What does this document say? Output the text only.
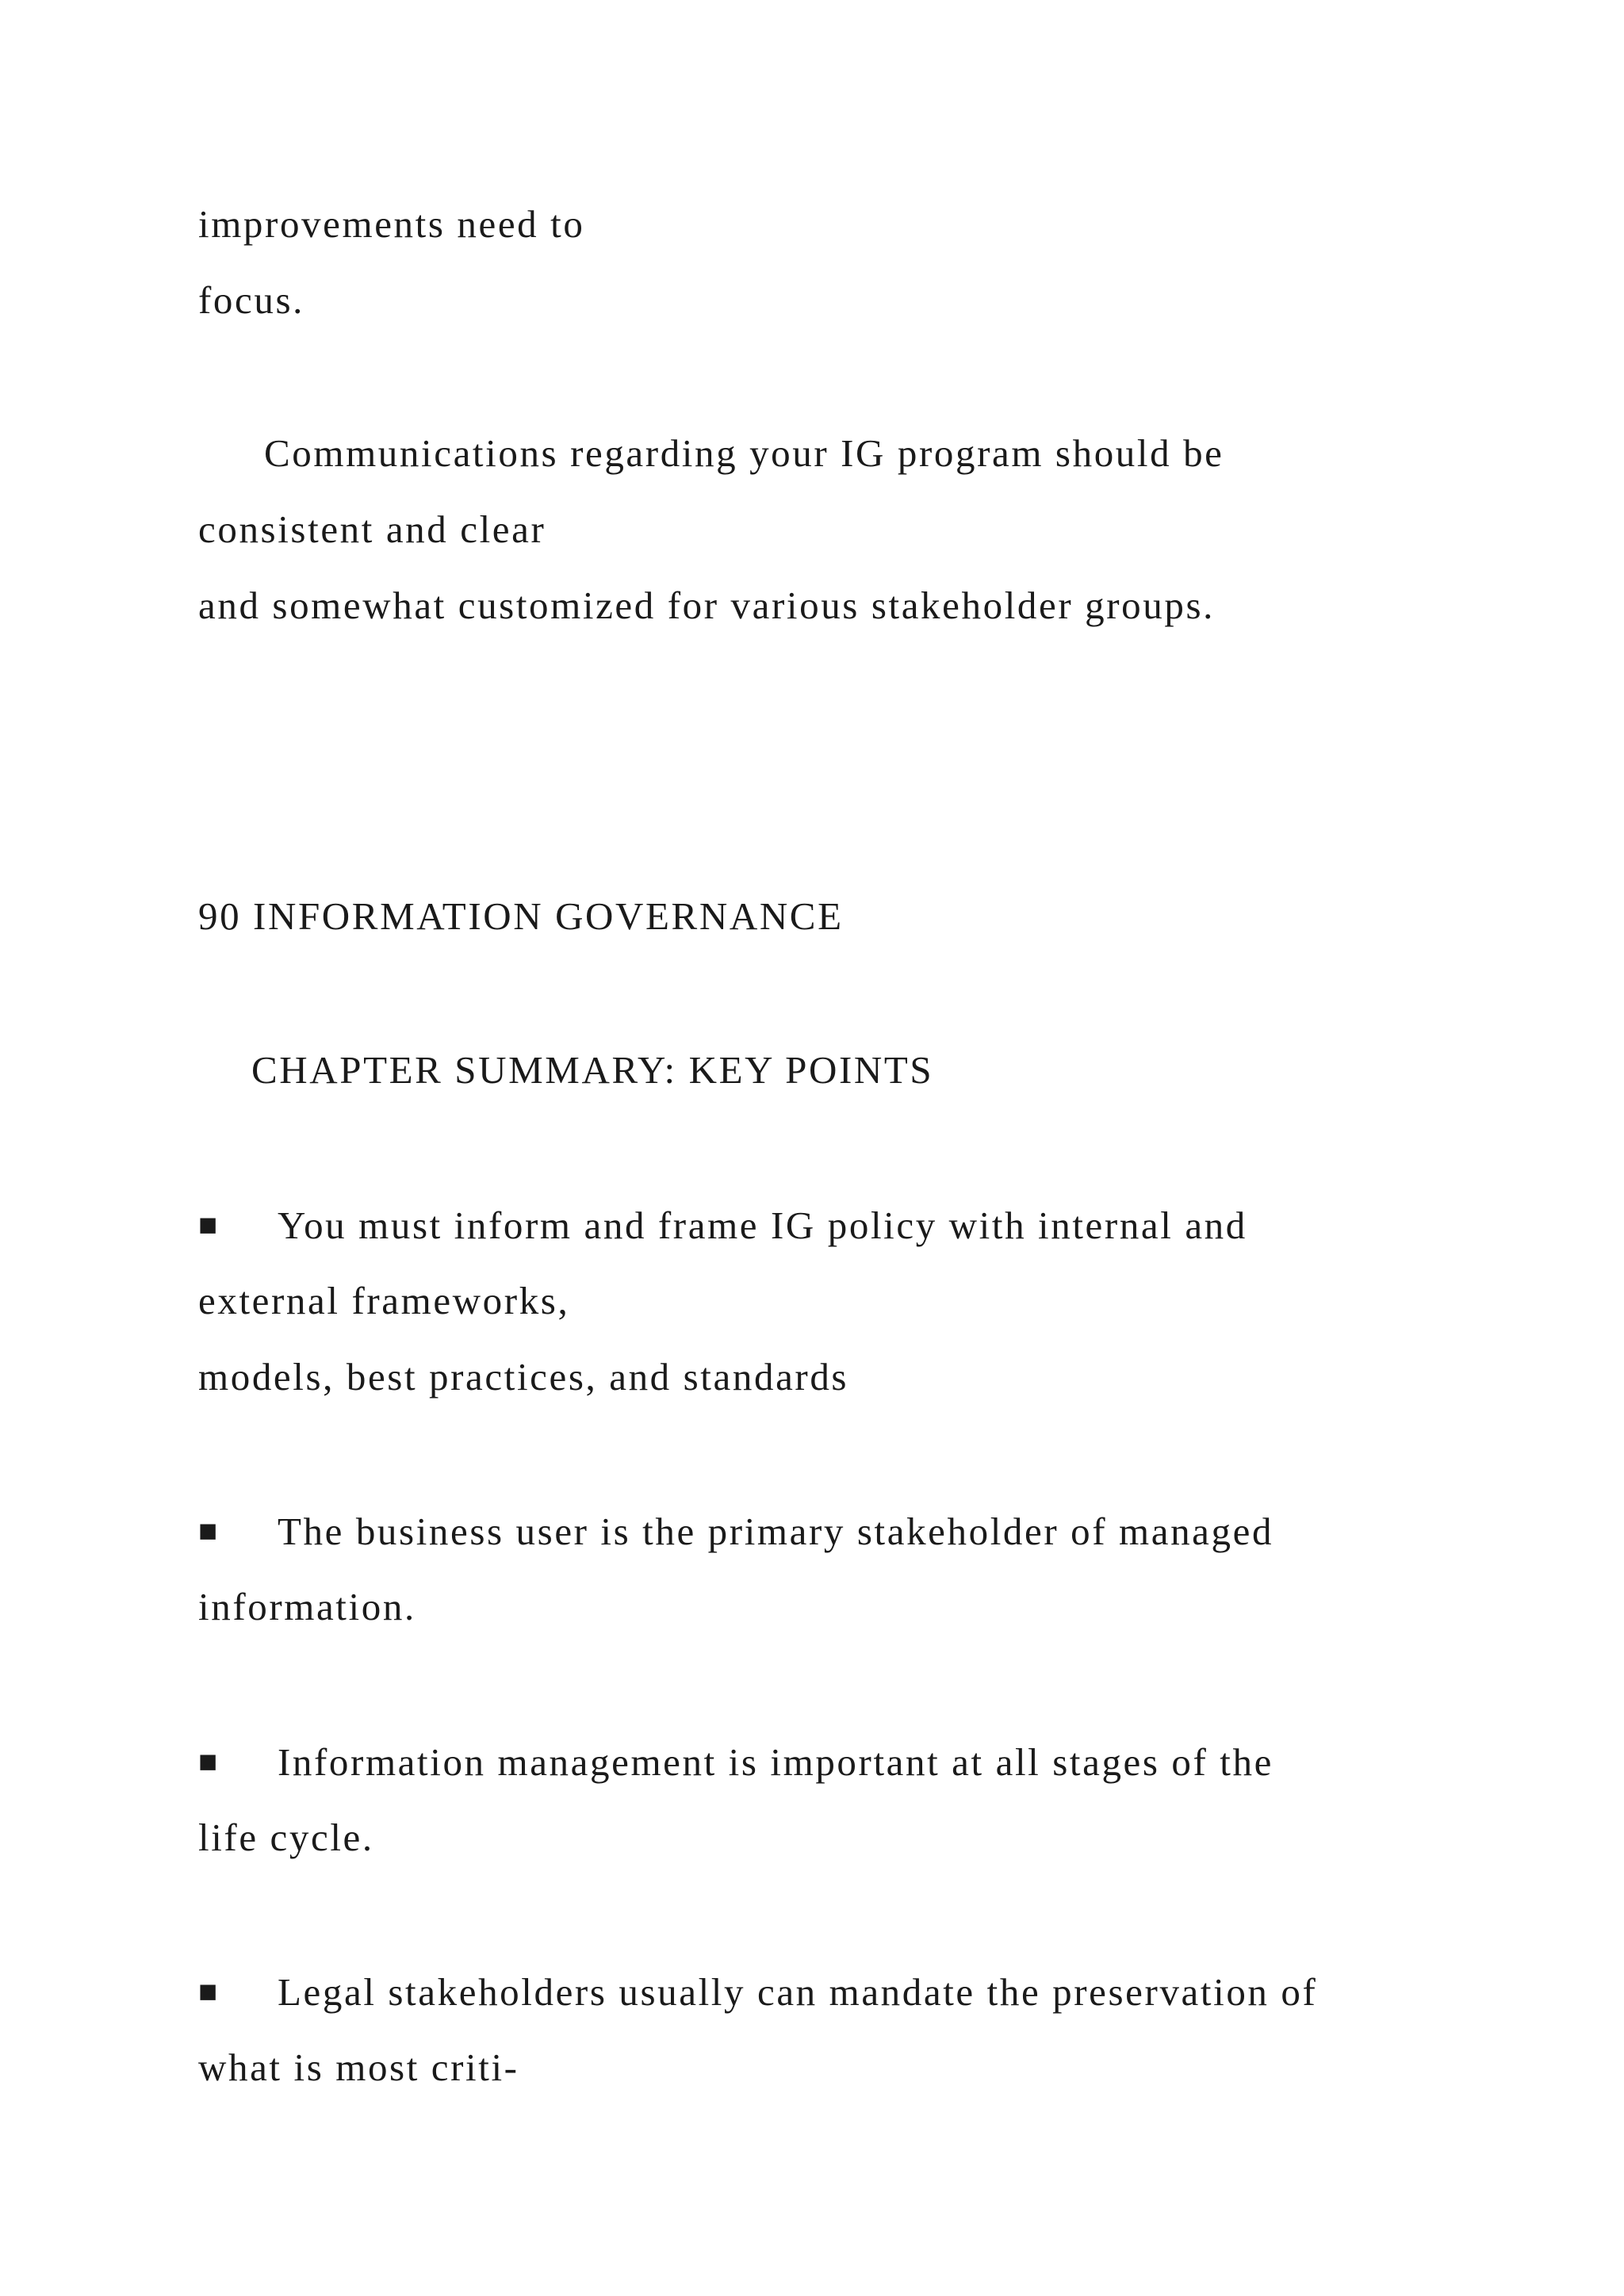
improvements need to
focus.
Communications regarding your IG program should be
consistent and clear
and somewhat customized for various stakeholder groups.
90 INFORMATION GOVERNANCE
CHAPTER SUMMARY: KEY POINTS
■ You must inform and frame IG policy with internal and
external frameworks,
models, best practices, and standards
■ The business user is the primary stakeholder of managed
information.
■ Information management is important at all stages of the
life cycle.
■ Legal stakeholders usually can mandate the preservation of
what is most criti-
